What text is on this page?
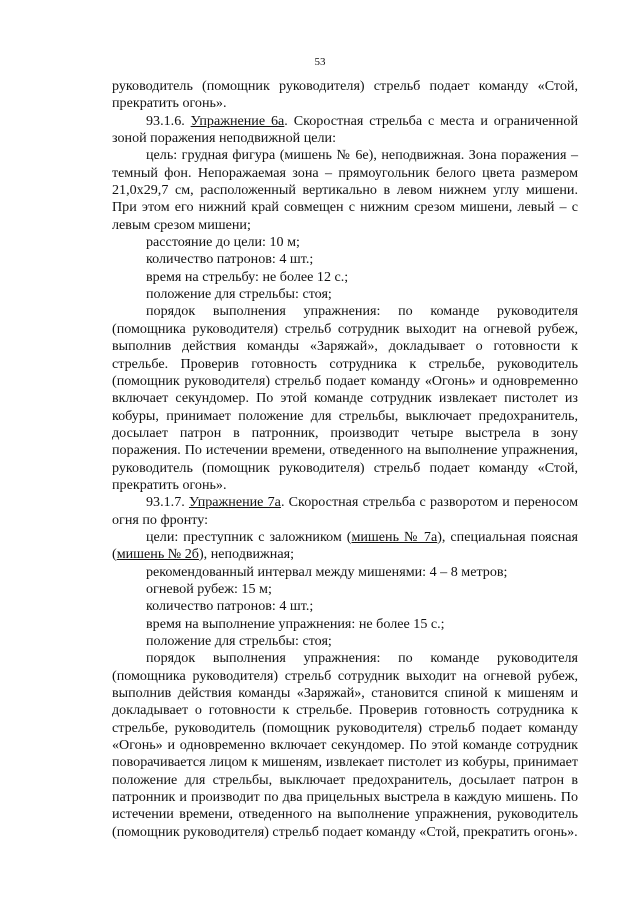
53

руководитель (помощник руководителя) стрельб подает команду «Стой, прекратить огонь».

93.1.6. Упражнение 6а. Скоростная стрельба с места и ограниченной зоной поражения неподвижной цели:

цель: грудная фигура (мишень № 6е), неподвижная. Зона поражения – темный фон. Непоражаемая зона – прямоугольник белого цвета размером 21,0х29,7 см, расположенный вертикально в левом нижнем углу мишени. При этом его нижний край совмещен с нижним срезом мишени, левый – с левым срезом мишени;

расстояние до цели: 10 м;

количество патронов: 4 шт.;

время на стрельбу: не более 12 с.;

положение для стрельбы: стоя;

порядок выполнения упражнения: по команде руководителя (помощника руководителя) стрельб сотрудник выходит на огневой рубеж, выполнив действия команды «Заряжай», докладывает о готовности к стрельбе. Проверив готовность сотрудника к стрельбе, руководитель (помощник руководителя) стрельб подает команду «Огонь» и одновременно включает секундомер. По этой команде сотрудник извлекает пистолет из кобуры, принимает положение для стрельбы, выключает предохранитель, досылает патрон в патронник, производит четыре выстрела в зону поражения. По истечении времени, отведенного на выполнение упражнения, руководитель (помощник руководителя) стрельб подает команду «Стой, прекратить огонь».

93.1.7. Упражнение 7а. Скоростная стрельба с разворотом и переносом огня по фронту:

цели: преступник с заложником (мишень № 7а), специальная поясная (мишень № 2б), неподвижная;

рекомендованный интервал между мишенями: 4 – 8 метров;

огневой рубеж: 15 м;

количество патронов: 4 шт.;

время на выполнение упражнения: не более 15 с.;

положение для стрельбы: стоя;

порядок выполнения упражнения: по команде руководителя (помощника руководителя) стрельб сотрудник выходит на огневой рубеж, выполнив действия команды «Заряжай», становится спиной к мишеням и докладывает о готовности к стрельбе. Проверив готовность сотрудника к стрельбе, руководитель (помощник руководителя) стрельб подает команду «Огонь» и одновременно включает секундомер. По этой команде сотрудник поворачивается лицом к мишеням, извлекает пистолет из кобуры, принимает положение для стрельбы, выключает предохранитель, досылает патрон в патронник и производит по два прицельных выстрела в каждую мишень. По истечении времени, отведенного на выполнение упражнения, руководитель (помощник руководителя) стрельб подает команду «Стой, прекратить огонь».
